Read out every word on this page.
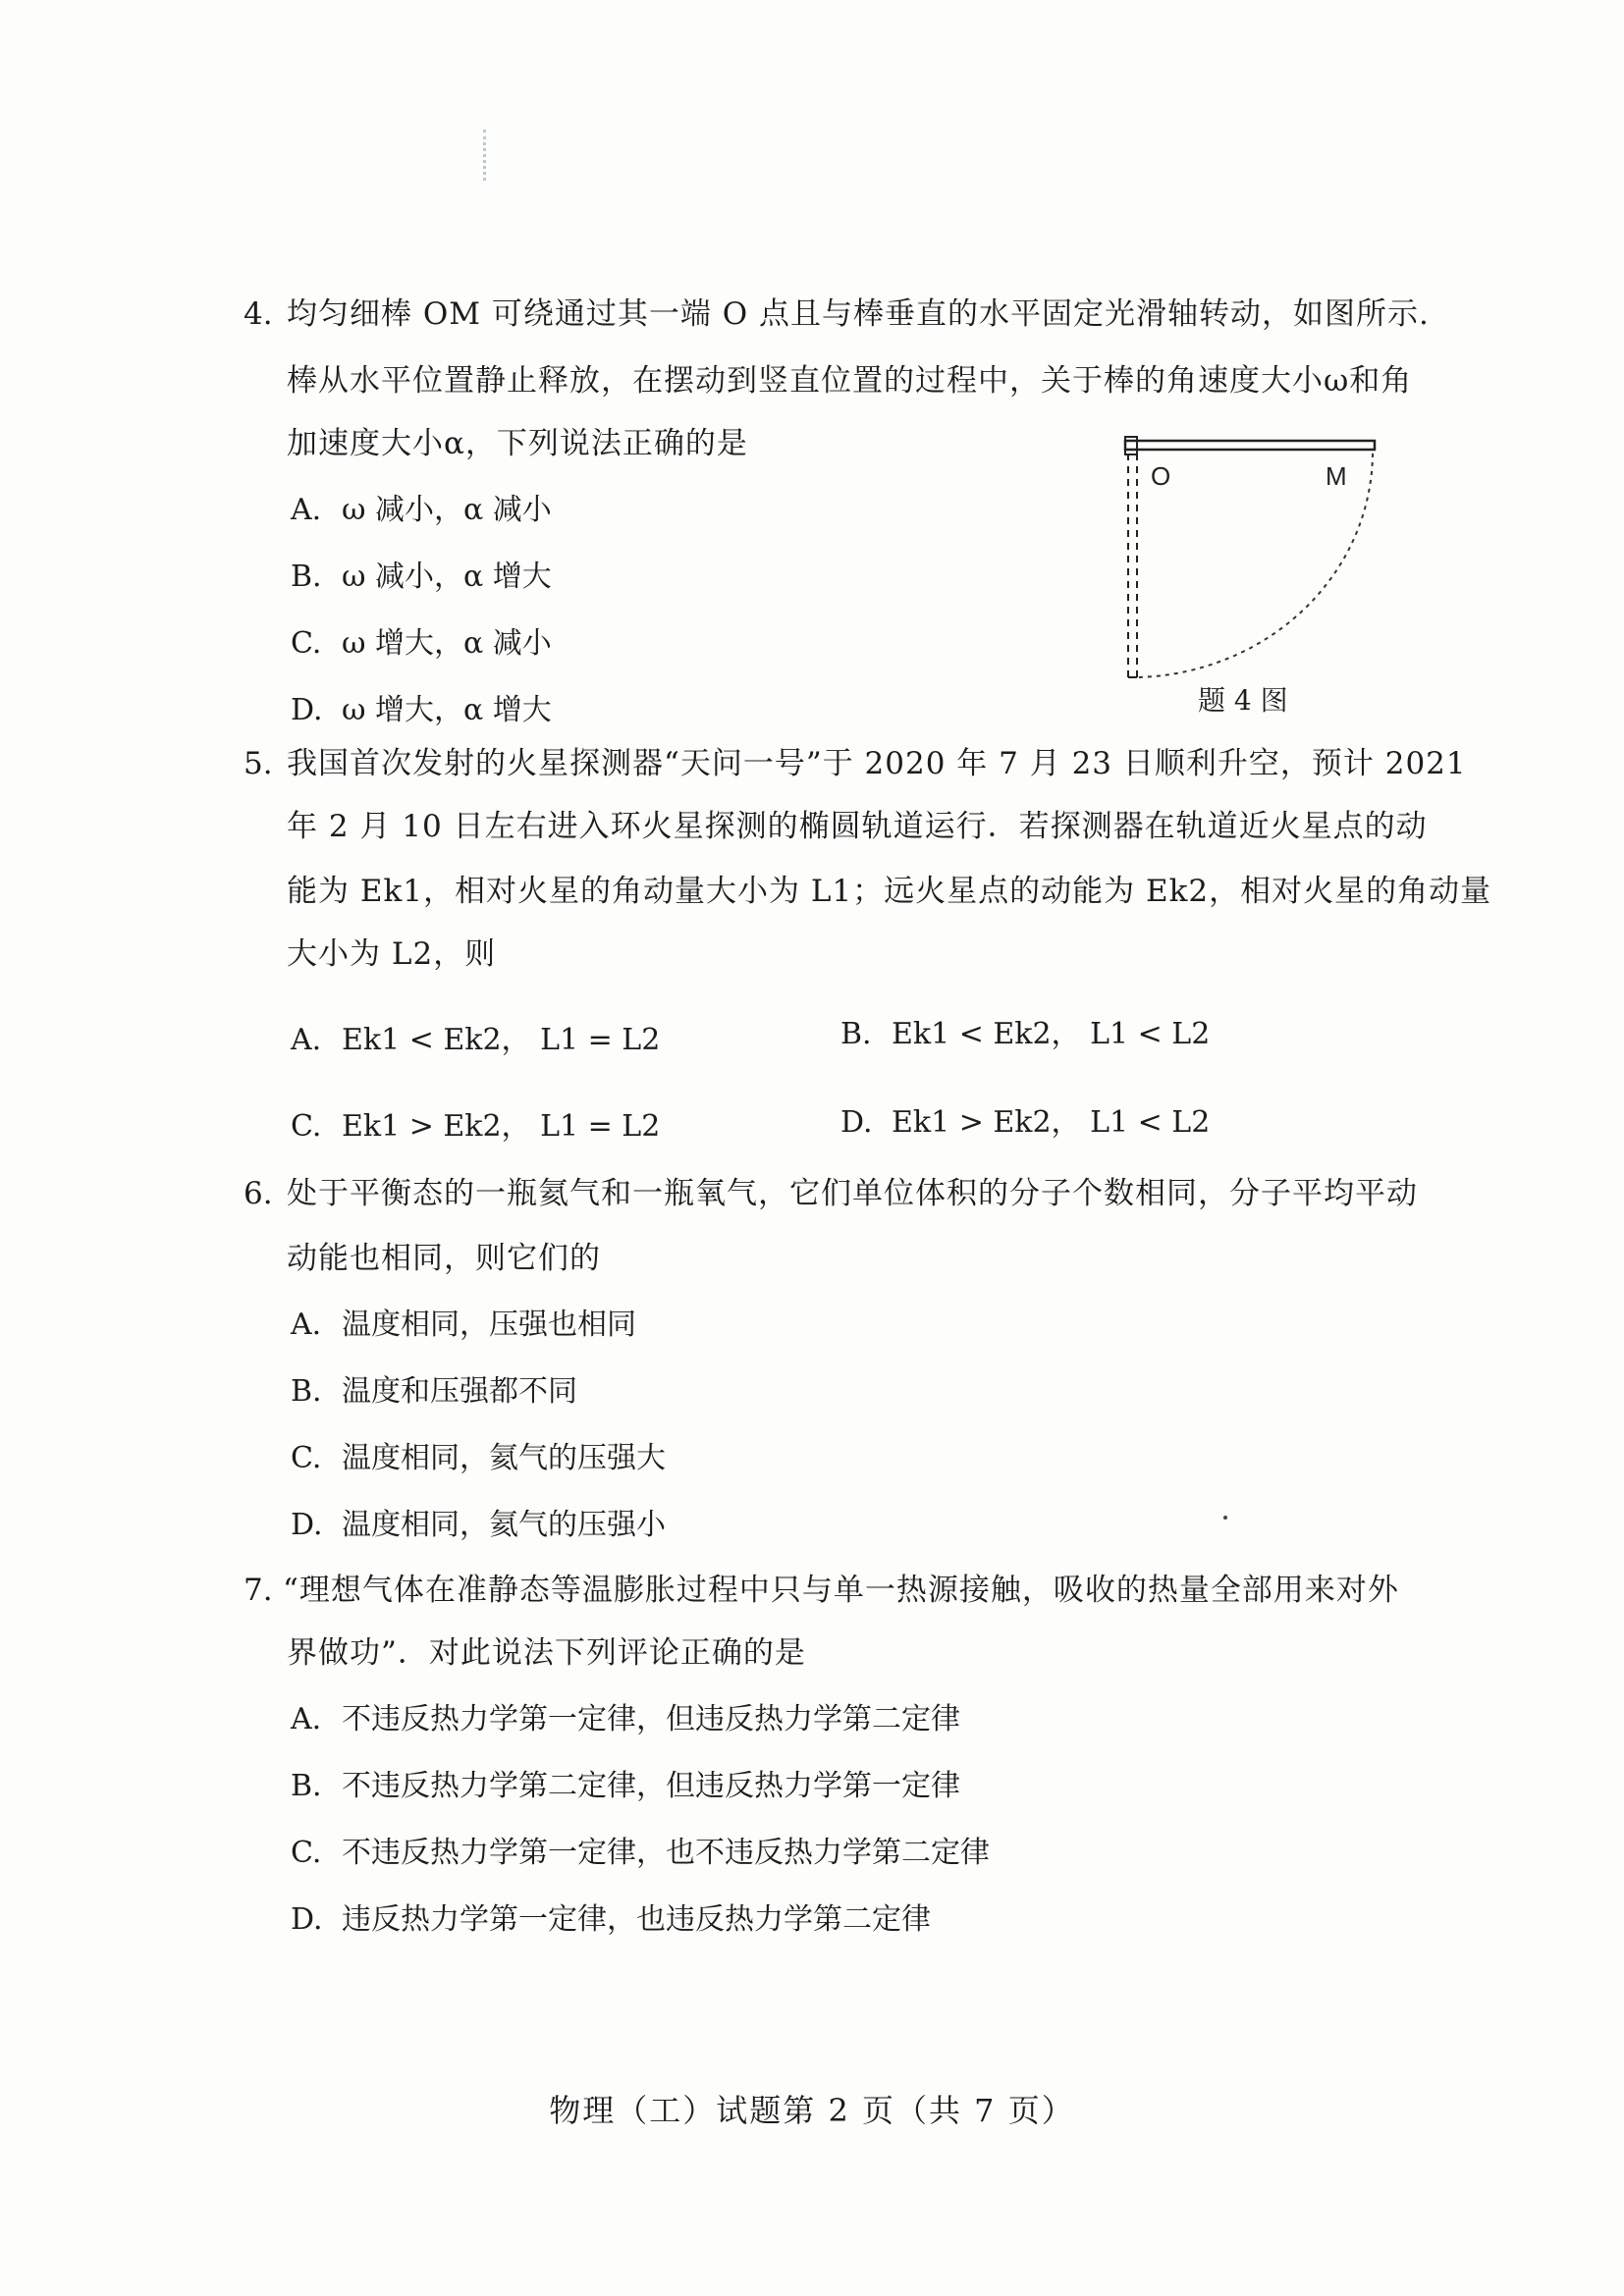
4. 均匀细棒 OM 可绕通过其一端 O 点且与棒垂直的水平固定光滑轴转动，如图所示.
棒从水平位置静止释放，在摆动到竖直位置的过程中，关于棒的角速度大小ω和角
加速度大小α，下列说法正确的是
A. ω 减小，α 减小
B. ω 减小，α 增大
C. ω 增大，α 减小
D. ω 增大，α 增大
O	M
题 4 图
5. 我国首次发射的火星探测器“天问一号”于 2020 年 7 月 23 日顺利升空，预计 2021
年 2 月 10 日左右进入环火星探测的椭圆轨道运行．若探测器在轨道近火星点的动
能为 Ek1，相对火星的角动量大小为 L1；远火星点的动能为 Ek2，相对火星的角动量
大小为 L2，则
A. Ek1 < Ek2， L1 = L2	B. Ek1 < Ek2， L1 < L2
C. Ek1 > Ek2， L1 = L2	D. Ek1 > Ek2， L1 < L2
6. 处于平衡态的一瓶氦气和一瓶氧气，它们单位体积的分子个数相同，分子平均平动
动能也相同，则它们的
A. 温度相同，压强也相同
B. 温度和压强都不同
C. 温度相同，氦气的压强大
D. 温度相同，氦气的压强小
7. “理想气体在准静态等温膨胀过程中只与单一热源接触，吸收的热量全部用来对外
界做功”．对此说法下列评论正确的是
A. 不违反热力学第一定律，但违反热力学第二定律
B. 不违反热力学第二定律，但违反热力学第一定律
C. 不违反热力学第一定律，也不违反热力学第二定律
D. 违反热力学第一定律，也违反热力学第二定律
物理（工）试题第 2 页（共 7 页）
